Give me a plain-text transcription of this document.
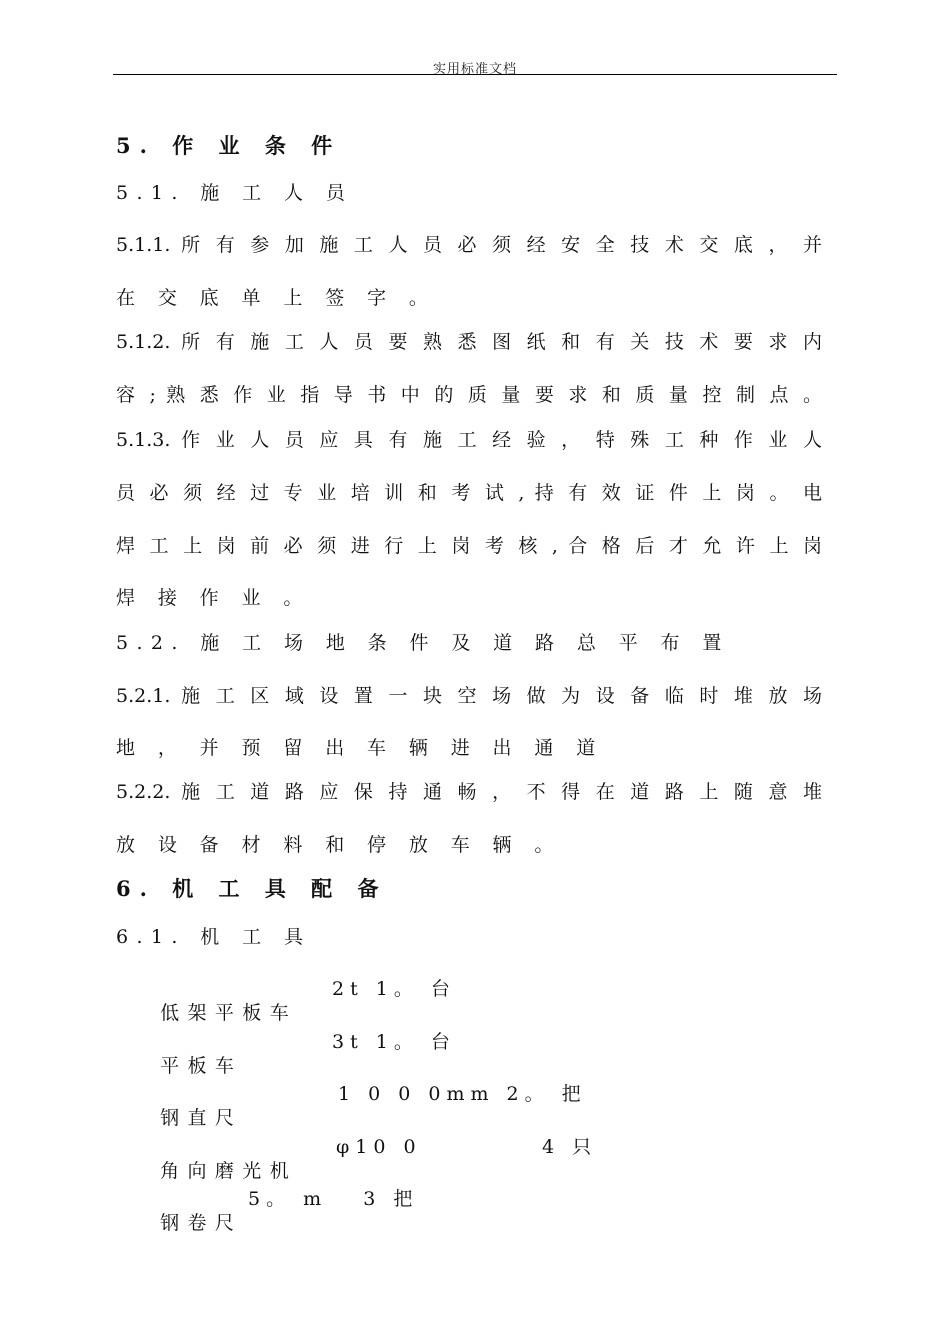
实用标准文档
5. 作 业 条 件
5.1. 施 工 人 员
5.1.1. 所 有 参 加 施 工 人 员 必 须 经 安 全 技 术 交 底 ， 并
在 交 底 单 上 签 字 。
5.1.2. 所 有 施 工 人 员 要 熟 悉 图 纸 和 有 关 技 术 要 求 内
容 ; 熟 悉 作 业 指 导 书 中 的 质 量 要 求 和 质 量 控 制 点 。
5.1.3. 作 业 人 员 应 具 有 施 工 经 验 ， 特 殊 工 种 作 业 人
员 必 须 经 过 专 业 培 训 和 考 试 , 持 有 效 证 件 上 岗 。 电
焊 工 上 岗 前 必 须 进 行 上 岗 考 核 , 合 格 后 才 允 许 上 岗
焊 接 作 业 。
5.2. 施 工 场 地 条 件 及 道 路 总 平 布 置
5.2.1. 施 工 区 域 设 置 一 块 空 场 做 为 设 备 临 时 堆 放 场
地 ， 并 预 留 出 车 辆 进 出 通 道
5.2.2. 施 工 道 路 应 保 持 通 畅 ， 不 得 在 道 路 上 随 意 堆
放 设 备 材 料 和 停 放 车 辆 。
6. 机 工 具 配 备
6.1. 机 工 具

低架平板车
2t 1。 台

平板车
3t 1。 台

钢直尺
1 0 0 0mm 2。 把

角向磨光机
φ10 0          4 只

钢卷尺
5。 m   3 把
